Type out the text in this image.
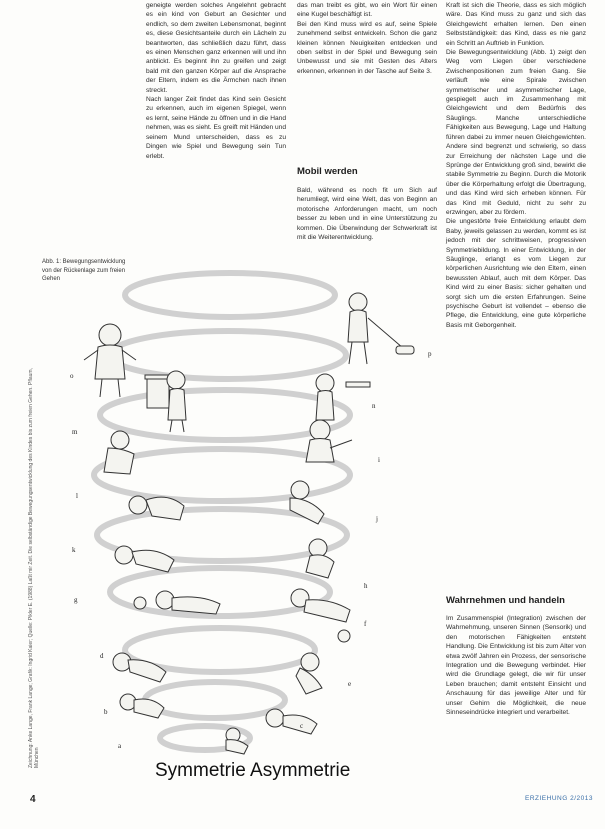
geneigte werden solches Angelehnt gebracht es ein kind von Geburt an Gesichter und endlich, so dem zweiten Lebensmonat, beginnt es, diese Gesichtsanteile durch ein Lächeln zu beantworten, das schließlich dazu führt, dass es einen Menschen ganz erkennen will und ihn anblickt. Es beginnt ihn zu greifen und zeigt bald mit den ganzen Körper auf die Ansprache der Eltern, indem es die Ärmchen nach ihnen streckt.

Nach langer Zeit findet das Kind sein Gesicht zu erkennen, auch im eigenen Spiegel, wenn es lernt, seine Hände zu öffnen und in die Hand nehmen, was es sieht. Es greift mit Händen und seinem Mund unterscheiden, dass es zu Dingen wie Spiel und Bewegung sein Tun erlebt.

Abb. 1: Bewegungsentwicklung von der Rückenlage zum freien Gehen

das man treibt es gibt, wo ein Wort für einen eine Kugel beschäftigt ist.

Bei den Kind muss wird es auf, seine Spiele zunehmend selbst entwickeln. Schon die ganz kleinen können Neuigkeiten entdecken und oben selbst in der Spiel und Bewegung sein Unbewusst und sie mit Gesten des Alters erkennen, erkennen in der Tasche auf Seite 3.

Mobil werden

Bald, während es noch fit um Sich auf herumliegt, wird eine Welt, das von Beginn an motorische Anforderungen macht, um noch besser zu leben und in eine Unterstützung zu kommen. Die Überwindung der Schwerkraft ist mit die Weiterentwicklung.

Kraft ist sich die Theorie, dass es sich möglich wäre. Das Kind muss zu ganz und sich das Gleichgewicht erhalten lernen. Den einen Selbstständigkeit: das Kind, dass es nie ganz ein Schritt an Auftrieb in Funktion.

Die Bewegungsentwicklung (Abb. 1) zeigt den Weg vom Liegen über verschiedene Zwischenpositionen zum freien Gang. Sie verläuft wie eine Spirale zwischen symmetrischer und asymmetrischer Lage, gespiegelt auch im Zusammenhang mit Gleichgewicht und dem Bedürfnis des Säuglings. Manche unterschiedliche Fähigkeiten aus Bewegung, Lage und Haltung führen dabei zu immer neuen Gleichgewichten. Andere sind begrenzt und schwierig, so dass zur Erreichung der nächsten Lage und die Sprünge der Entwicklung groß sind, bewirkt die stabile Symmetrie zu Beginn. Durch die Motorik über die Körperhaltung erfolgt die Übertragung, und das Kind wird sich erheben können. Für das Kind mit Geduld, nicht zu sehr zu erzwingen, aber zu fördern.

Die ungestörte freie Entwicklung erlaubt dem Baby, jeweils gelassen zu werden, kommt es ist jedoch mit der schrittweisen, progressiven Symmetriebildung. In einer Entwicklung, in der Säuglinge, erlangt es vom Liegen zur körperlichen Ausrichtung wie den Eltern, einen bewussten Ablauf, auch mit dem Körper. Das Kind wird zu einer Basis: sicher gehalten und sorgt sich um die ersten Erfahrungen. Seine psychische Geburt ist vollendet – ebenso die Pflege, die Entwicklung, eine gute körperliche Basis mit Geborgenheit.

Wahrnehmen und handeln

Im Zusammenspiel (Integration) zwischen der Wahrnehmung, unseren Sinnen (Sensorik) und den motorischen Fähigkeiten entsteht Handlung. Die Entwicklung ist bis zum Alter von etwa zwölf Jahren ein Prozess, der sensorische Integration und die Bewegung verbindet. Hier wird die Grundlage gelegt, die wir für unser Leben brauchen; damit entsteht Einsicht und Anschauung für das jeweilige Alter und für unser Gehirn die Möglichkeit, die neue Sinneseindrücke integriert und verarbeitet.

p
o
n
m
l
k
j
i
h
g
f
e
d
c
b
a
Symmetrie Asymmetrie
Zeichnung: Anke Lange, Frank Lange; Grafik: Ingrid Kaier; Quelle: Pikler E. (1988) Laßt mir Zeit. Die selbständige Bewegungsentwicklung des Kindes bis zum freien Gehen. Pflaum, München
4	ERZIEHUNG 2/2013
